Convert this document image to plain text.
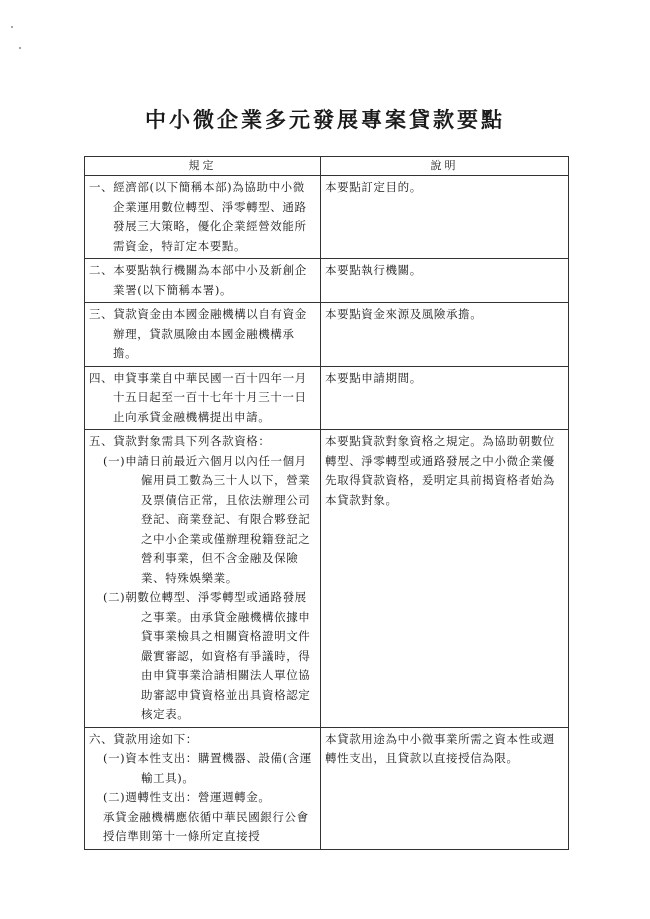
中小微企業多元發展專案貸款要點
規定	說明

一、經濟部(以下簡稱本部)為協助中小微企業運用數位轉型、淨零轉型、通路發展三大策略，優化企業經營效能所需資金，特訂定本要點。	本要點訂定目的。

二、本要點執行機關為本部中小及新創企業署(以下簡稱本署)。	本要點執行機關。

三、貸款資金由本國金融機構以自有資金辦理，貸款風險由本國金融機構承擔。	本要點資金來源及風險承擔。

四、申貸事業自中華民國一百十四年一月十五日起至一百十七年十月三十一日止向承貸金融機構提出申請。	本要點申請期間。

五、貸款對象需具下列各款資格：
(一)申請日前最近六個月以內任一個月僱用員工數為三十人以下，營業及票債信正常，且依法辦理公司登記、商業登記、有限合夥登記之中小企業或僅辦理稅籍登記之營利事業，但不含金融及保險業、特殊娛樂業。
(二)朝數位轉型、淨零轉型或通路發展之事業。由承貸金融機構依據申貸事業檢具之相關資格證明文件嚴實審認，如資格有爭議時，得由申貸事業洽請相關法人單位協助審認申貸資格並出具資格認定核定表。	本要點貸款對象資格之規定。為協助朝數位轉型、淨零轉型或通路發展之中小微企業優先取得貸款資格，爰明定具前揭資格者始為本貸款對象。

六、貸款用途如下：
(一)資本性支出：購置機器、設備(含運輸工具)。
(二)週轉性支出：營運週轉金。
承貸金融機構應依循中華民國銀行公會授信準則第十一條所定直接授	本貸款用途為中小微事業所需之資本性或週轉性支出，且貸款以直接授信為限。
